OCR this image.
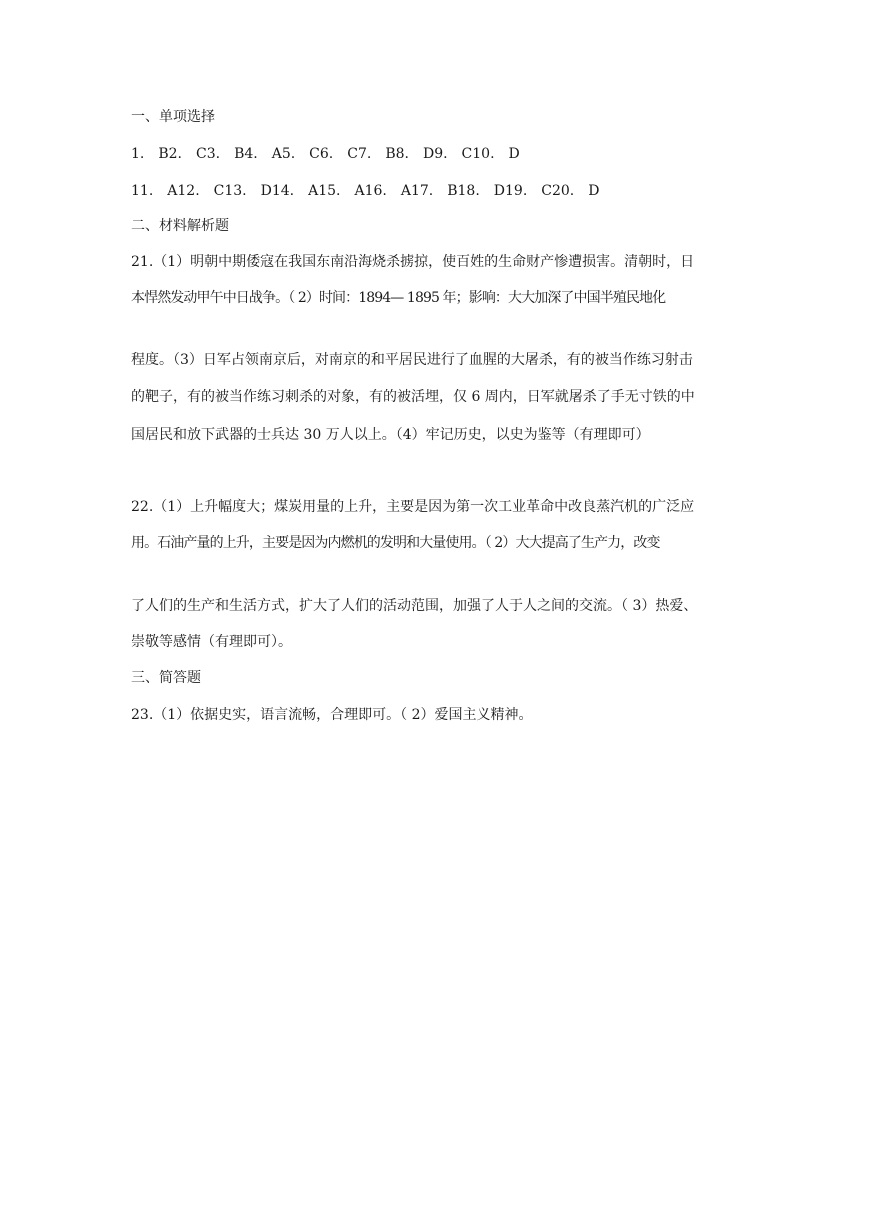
一、单项选择
1.　B2.　C3.　B4.　A5.　C6.　C7.　B8.　D9.　C10.　D
11.　A12.　C13.　D14.　A15.　A16.　A17.　B18.　D19.　C20.　D
二、材料解析题
21.（1）明朝中期倭寇在我国东南沿海烧杀掳掠，使百姓的生命财产惨遭损害。清朝时，日
本悍然发动甲午中日战争。（ 2）时间：1894— 1895 年；影响：大大加深了中国半殖民地化
程度。（3）日军占领南京后，对南京的和平居民进行了血腥的大屠杀，有的被当作练习射击
的靶子，有的被当作练习刺杀的对象，有的被活埋，仅 6 周内，日军就屠杀了手无寸铁的中
国居民和放下武器的士兵达 30 万人以上。（4）牢记历史，以史为鉴等（有理即可）
22.（1）上升幅度大；煤炭用量的上升，主要是因为第一次工业革命中改良蒸汽机的广泛应
用。石油产量的上升，主要是因为内燃机的发明和大量使用。（ 2）大大提高了生产力，改变
了人们的生产和生活方式，扩大了人们的活动范围，加强了人于人之间的交流。（ 3）热爱、
崇敬等感情（有理即可）。
三、简答题
23.（1）依据史实，语言流畅，合理即可。（ 2）爱国主义精神。
